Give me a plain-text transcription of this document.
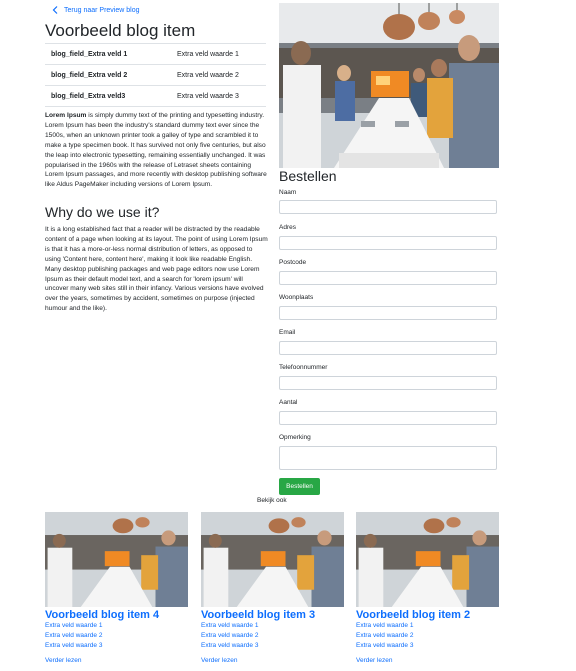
Terug naar Preview blog
Voorbeeld blog item
blog_field_Extra veld 1	Extra veld waarde 1
blog_field_Extra veld 2	Extra veld waarde 2
blog_field_Extra veld3	Extra veld waarde 3

Lorem Ipsum is simply dummy text of the printing and typesetting industry. Lorem Ipsum has been the industry's standard dummy text ever since the 1500s, when an unknown printer took a galley of type and scrambled it to make a type specimen book. It has survived not only five centuries, but also the leap into electronic typesetting, remaining essentially unchanged. It was popularised in the 1960s with the release of Letraset sheets containing Lorem Ipsum passages, and more recently with desktop publishing software like Aldus PageMaker including versions of Lorem Ipsum.

Why do we use it?

It is a long established fact that a reader will be distracted by the readable content of a page when looking at its layout. The point of using Lorem Ipsum is that it has a more-or-less normal distribution of letters, as opposed to using 'Content here, content here', making it look like readable English. Many desktop publishing packages and web page editors now use Lorem Ipsum as their default model text, and a search for 'lorem ipsum' will uncover many web sites still in their infancy. Various versions have evolved over the years, sometimes by accident, sometimes on purpose (injected humour and the like).

Bestellen
Naam
Adres
Postcode
Woonplaats
Email
Telefoonnummer
Aantal
Opmerking
Bestellen
Bekijk ook
Voorbeeld blog item 4
Extra veld waarde 1
Extra veld waarde 2
Extra veld waarde 3
Verder lezen
Voorbeeld blog item 3
Extra veld waarde 1
Extra veld waarde 2
Extra veld waarde 3
Verder lezen
Voorbeeld blog item 2
Extra veld waarde 1
Extra veld waarde 2
Extra veld waarde 3
Verder lezen
